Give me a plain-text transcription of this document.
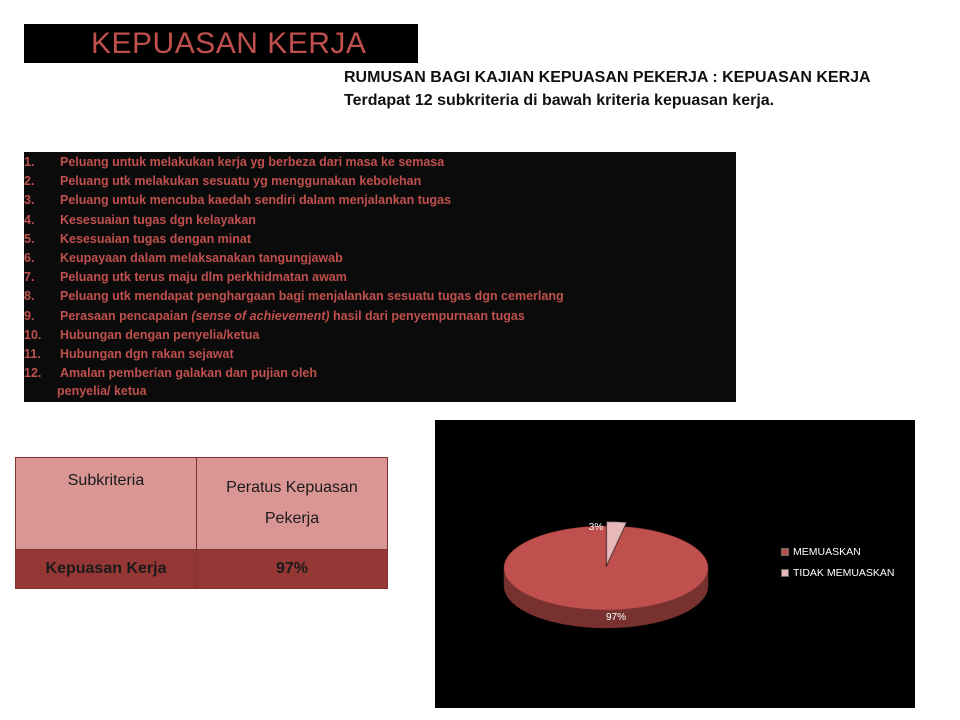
KEPUASAN KERJA
RUMUSAN BAGI KAJIAN KEPUASAN PEKERJA : KEPUASAN KERJA
Terdapat 12 subkriteria di bawah kriteria kepuasan kerja.
1. Peluang untuk melakukan kerja yg berbeza dari masa ke semasa
2. Peluang utk melakukan sesuatu yg menggunakan kebolehan
3. Peluang untuk mencuba kaedah sendiri dalam menjalankan tugas
4. Kesesuaian tugas dgn kelayakan
5. Kesesuaian tugas dengan minat
6. Keupayaan dalam melaksanakan tangungjawab
7. Peluang utk terus maju dlm perkhidmatan awam
8. Peluang utk mendapat penghargaan bagi menjalankan sesuatu tugas dgn cemerlang
9. Perasaan pencapaian (sense of achievement) hasil dari penyempurnaan tugas
10. Hubungan dengan penyelia/ketua
11. Hubungan dgn rakan sejawat
12. Amalan pemberian galakan dan pujian oleh
penyelia/ ketua
Subkriteria	Peratus Kepuasan Pekerja
Kepuasan Kerja	97%
97%
3%
MEMUASKAN
TIDAK MEMUASKAN
